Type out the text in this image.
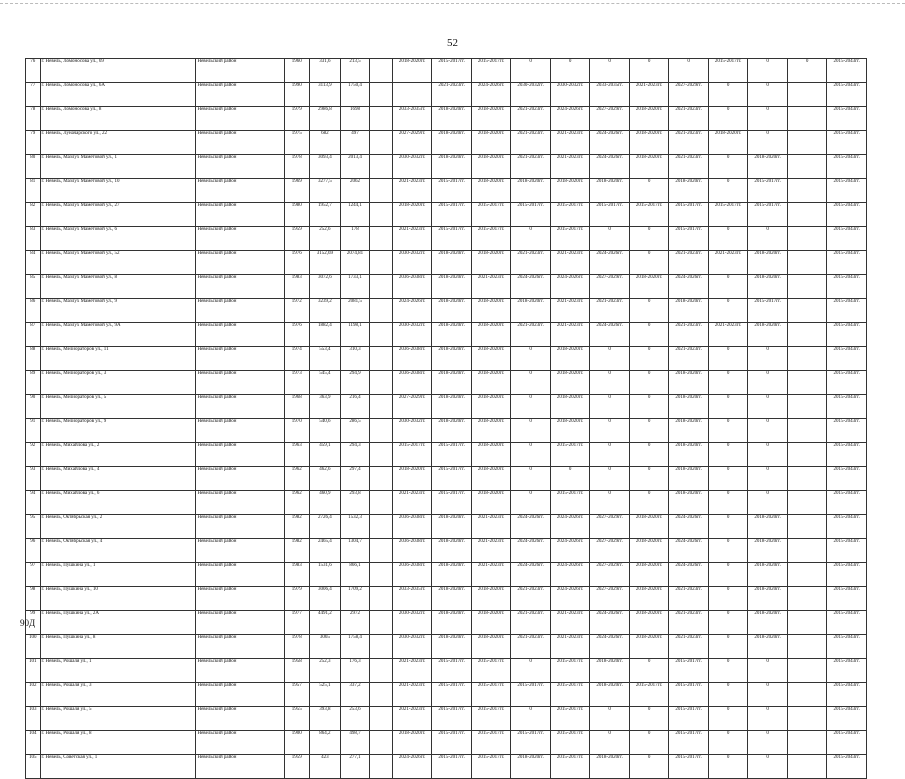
52
76	г. Невель, Ломоносова ул., 69	Невельский район	1960	331,6	213,5		2018-2020гг.	2015-2017гг.	2015-2017гг.	0	0	0	0	0	2015-2017гг.	0	0	2015-2043гг.
77	г. Невель, Ломоносова ул., 6А	Невельский район	1990	3113,9	1750,4			2021-2023гг.	2024-2026гг.	2030-2032гг.	2030-2032гг.	2033-2035гг.	2021-2023гг.	2027-2029гг.	0	0		2015-2043гг.
78	г. Невель, Ломоносова ул., 8	Невельский район	1979	2986,8	1698		2033-2035гг.	2018-2020гг.	2018-2020гг.	2021-2023гг.	2024-2026гг.	2027-2029гг.	2018-2020гг.	2021-2023гг.	0	0		2015-2043гг.
79	г. Невель, Луначарского ул., 22	Невельский район	1975	682	497		2027-2029гг.	2018-2020гг.	2018-2020гг.	2021-2023гг.	2021-2023гг.	2024-2026гг.	2018-2020гг.	2021-2023гг.	2018-2020гг.	0		2015-2043гг.
80	г. Невель, Мазлух Маметовой ул., 1	Невельский район	1978	3093,4	2013,4		2030-2032гг.	2018-2020гг.	2018-2020гг.	2021-2023гг.	2021-2023гг.	2024-2026гг.	2018-2020гг.	2021-2023гг.	0	2018-2020гг.		2015-2043гг.
81	г. Невель, Мазлух Маметовой ул., 10	Невельский район	1969	3277,5	2062		2021-2023гг.	2015-2017гг.	2018-2020гг.	2018-2020гг.	2018-2020гг.	2018-2020гг.	0	2018-2020гг.	0	2015-2017гг.		2015-2043гг.
82	г. Невель, Мазлух Маметовой ул., 27	Невельский район	1980	1952,7	1244,1		2018-2020гг.	2015-2017гг.	2015-2017гг.	2015-2017гг.	2015-2017гг.	2015-2017гг.	2015-2017гг.	2015-2017гг.	2015-2017гг.	2015-2017гг.		2015-2043гг.
83	г. Невель, Мазлух Маметовой ул., 6	Невельский район	1959	252,6	178		2021-2023гг.	2015-2017гг.	2015-2017гг.	0	2015-2017гг.	0	0	2015-2017гг.	0	0		2015-2043гг.
84	г. Невель, Мазлух Маметовой ул., 52	Невельский район	1976	3152,69	2074,81		2030-2032гг.	2018-2020гг.	2018-2020гг.	2021-2023гг.	2021-2023гг.	2024-2026гг.	0	2021-2023гг.	2021-2023гг.	2018-2020гг.		2015-2043гг.
85	г. Невель, Мазлух Маметовой ул., 8	Невельский район	1983	3072,6	1733,1		2036-2038гг.	2018-2020гг.	2021-2023гг.	2024-2026гг.	2024-2026гг.	2027-2029гг.	2018-2020гг.	2024-2026гг.	0	2018-2020гг.		2015-2043гг.
86	г. Невель, Мазлух Маметовой ул., 9	Невельский район	1972	3239,2	2081,5		2024-2026гг.	2018-2020гг.	2018-2020гг.	2018-2020гг.	2021-2023гг.	2021-2023гг.	0	2018-2020гг.	0	2015-2017гг.		2015-2043гг.
87	г. Невель, Мазлух Маметовой ул., 9А	Невельский район	1976	1882,4	1198,1		2030-2032гг.	2018-2020гг.	2018-2020гг.	2021-2023гг.	2021-2023гг.	2024-2026гг.	0	2021-2023гг.	2021-2023гг.	2018-2020гг.		2015-2043гг.
88	г. Невель, Мелиораторов ул., 11	Невельский район	1974	553,4	310,3		2036-2038гг.	2018-2020гг.	2018-2020гг.	0	2018-2020гг.	0	0	2021-2023гг.	0	0		2015-2043гг.
89	г. Невель, Мелиораторов ул., 3	Невельский район	1973	545,4	294,9		2036-2038гг.	2018-2020гг.	2018-2020гг.	0	2018-2020гг.	0	0	2018-2020гг.	0	0		2015-2043гг.
90	г. Невель, Мелиораторов ул., 5	Невельский район	1968	363,9	216,4		2027-2029гг.	2018-2020гг.	2018-2020гг.	0	2018-2020гг.	0	0	2018-2020гг.	0	0		2015-2043гг.
91	г. Невель, Мелиораторов ул., 9	Невельский район	1970	540,6	286,5		2030-2032гг.	2018-2020гг.	2018-2020гг.	0	2018-2020гг.	0	0	2018-2020гг.	0	0		2015-2043гг.
92	г. Невель, Михайлова ул., 2	Невельский район	1963	459,1	294,3		2015-2017гг.	2015-2017гг.	2018-2020гг.	0	2015-2017гг.	0	0	2018-2020гг.	0	0		2015-2043гг.
93	г. Невель, Михайлова ул., 4	Невельский район	1962	462,6	297,4		2018-2020гг.	2015-2017гг.	2018-2020гг.	0	0	0	0	2018-2020гг.	0	0		2015-2043гг.
94	г. Невель, Михайлова ул., 6	Невельский район	1962	460,9	293,8		2021-2023гг.	2015-2017гг.	2018-2020гг.	0	2015-2017гг.	0	0	2018-2020гг.	0	0		2015-2043гг.
95	г. Невель, Октябрьская ул., 2	Невельский район	1982	2726,4	1532,3		2036-2038гг.	2018-2020гг.	2021-2023гг.	2024-2026гг.	2024-2026гг.	2027-2029гг.	2018-2020гг.	2024-2026гг.	0	2018-2020гг.		2015-2043гг.
96	г. Невель, Октябрьская ул., 4	Невельский район	1982	2465,4	1304,7		2036-2038гг.	2018-2020гг.	2021-2023гг.	2024-2026гг.	2024-2026гг.	2027-2029гг.	2018-2020гг.	2024-2026гг.	0	2018-2020гг.		2015-2043гг.
97	г. Невель, Пушкина ул., 1	Невельский район	1983	1531,6	866,1		2036-2038гг.	2018-2020гг.	2021-2023гг.	2024-2026гг.	2024-2026гг.	2027-2029гг.	2018-2020гг.	2024-2026гг.	0	2018-2020гг.		2015-2043гг.
98	г. Невель, Пушкина ул., 10	Невельский район	1979	3006,4	1709,2		2033-2035гг.	2018-2020гг.	2018-2020гг.	2021-2023гг.	2024-2026гг.	2027-2029гг.	2018-2020гг.	2021-2023гг.	0	2018-2020гг.		2015-2043гг.
99	г. Невель, Пушкина ул., 2А	Невельский район	1977	4491,2	2972		2030-2032гг.	2018-2020гг.	2018-2020гг.	2021-2023гг.	2021-2023гг.	2024-2026гг.	2018-2020гг.	2021-2023гг.	0	2018-2020гг.		2015-2043гг.
100	г. Невель, Пушкина ул., 8	Невельский район	1978	3065	1758,4		2030-2032гг.	2018-2020гг.	2018-2020гг.	2021-2023гг.	2021-2023гг.	2024-2026гг.	2018-2020гг.	2021-2023гг.	0	2018-2020гг.		2015-2043гг.
101	г. Невель, Рошаля ул., 1	Невельский район	1958	252,3	176,3		2021-2023гг.	2015-2017гг.	2015-2017гг.	0	2015-2017гг.	2018-2020гг.	0	2015-2017гг.	0	0		2015-2043гг.
102	г. Невель, Рошаля ул., 3	Невельский район	1957	525,1	337,2		2021-2023гг.	2015-2017гг.	2015-2017гг.	2015-2017гг.	2015-2017гг.	2018-2020гг.	2015-2017гг.	2015-2017гг.	0	0		2015-2043гг.
103	г. Невель, Рошаля ул., 5	Невельский район	1955	393,8	253,6		2021-2023гг.	2015-2017гг.	2015-2017гг.	0	2015-2017гг.	0	0	2015-2017гг.	0	0		2015-2043гг.
104	г. Невель, Рошаля ул., 8	Невельский район	1900	864,2	498,7		2018-2020гг.	2015-2017гг.	2015-2017гг.	2015-2017гг.	2015-2017гг.	0	0	2015-2017гг.	0	0		2015-2043гг.
105	г. Невель, Советская ул., 1	Невельский район	1959	423	277,1		2024-2026гг.	2015-2017гг.	2015-2017гг.	2018-2020гг.	2015-2017гг.	2018-2020гг.	0	2015-2017гг.	0	0		2015-2043гг.
90Д
